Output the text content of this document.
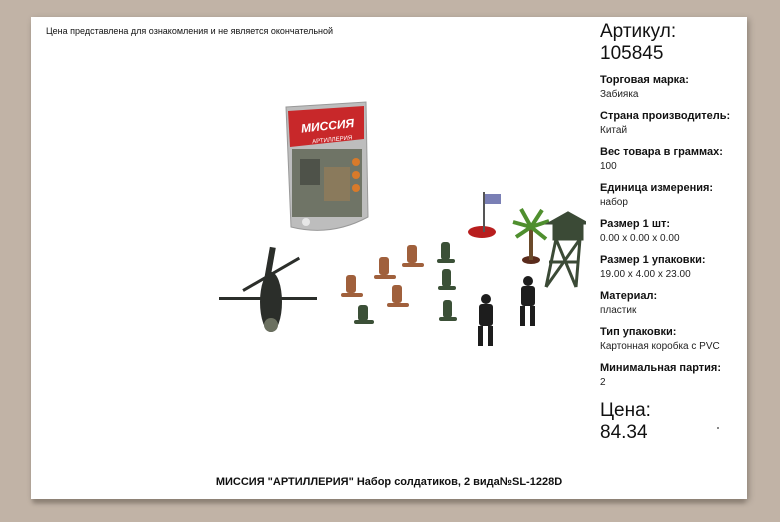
Цена представлена для ознакомления и не является окончательной
МИССИЯ
АРТИЛЛЕРИЯ
Артикул:
105845
Торговая марка:
Забияка
Страна производитель:
Китай
Вес товара в граммах:
100
Единица измерения:
набор
Размер 1 шт:
0.00 x 0.00 x 0.00
Размер 1 упаковки:
19.00 x 4.00 x 23.00
Материал:
пластик
Тип упаковки:
Картонная коробка с PVC
Минимальная партия:
2
Цена:
84.34
МИССИЯ "АРТИЛЛЕРИЯ" Набор солдатиков, 2 вида№SL-1228D
